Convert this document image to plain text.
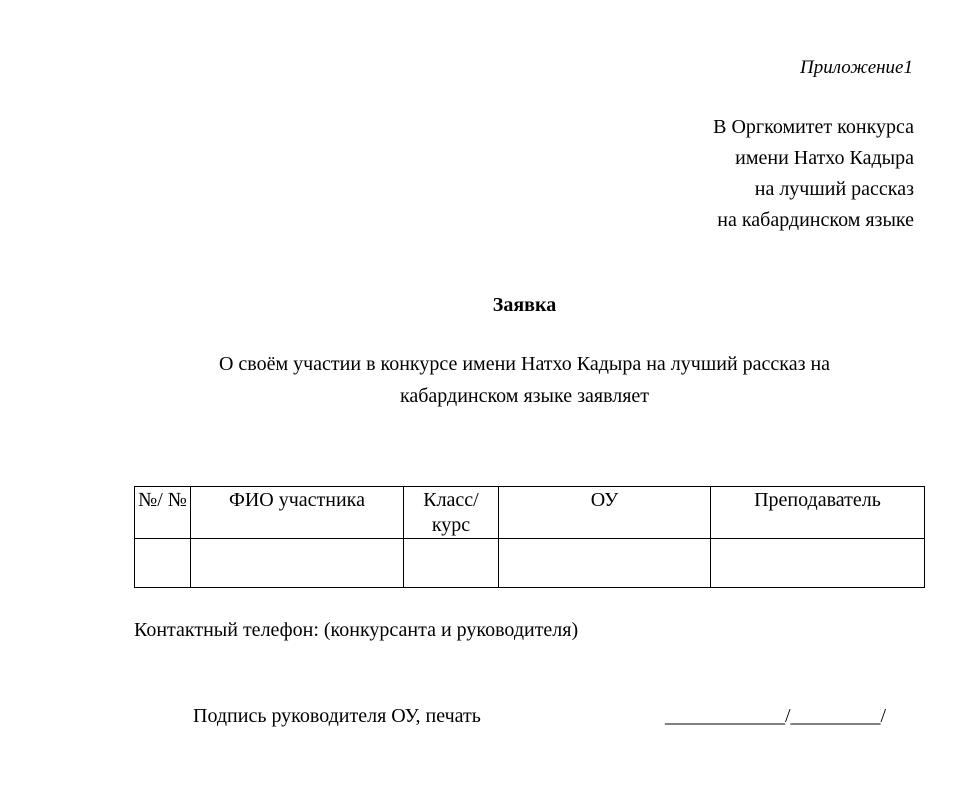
Приложение1
В Оргкомитет конкурса
имени Натхо Кадыра
на лучший рассказ
на кабардинском языке
Заявка
О своём участии в конкурсе имени Натхо Кадыра на лучший рассказ на кабардинском языке заявляет
№/ №	ФИО участника	Класс/ курс	ОУ	Преподаватель

Контактный телефон: (конкурсанта и руководителя)
Подпись руководителя ОУ, печать	____________/_________/
